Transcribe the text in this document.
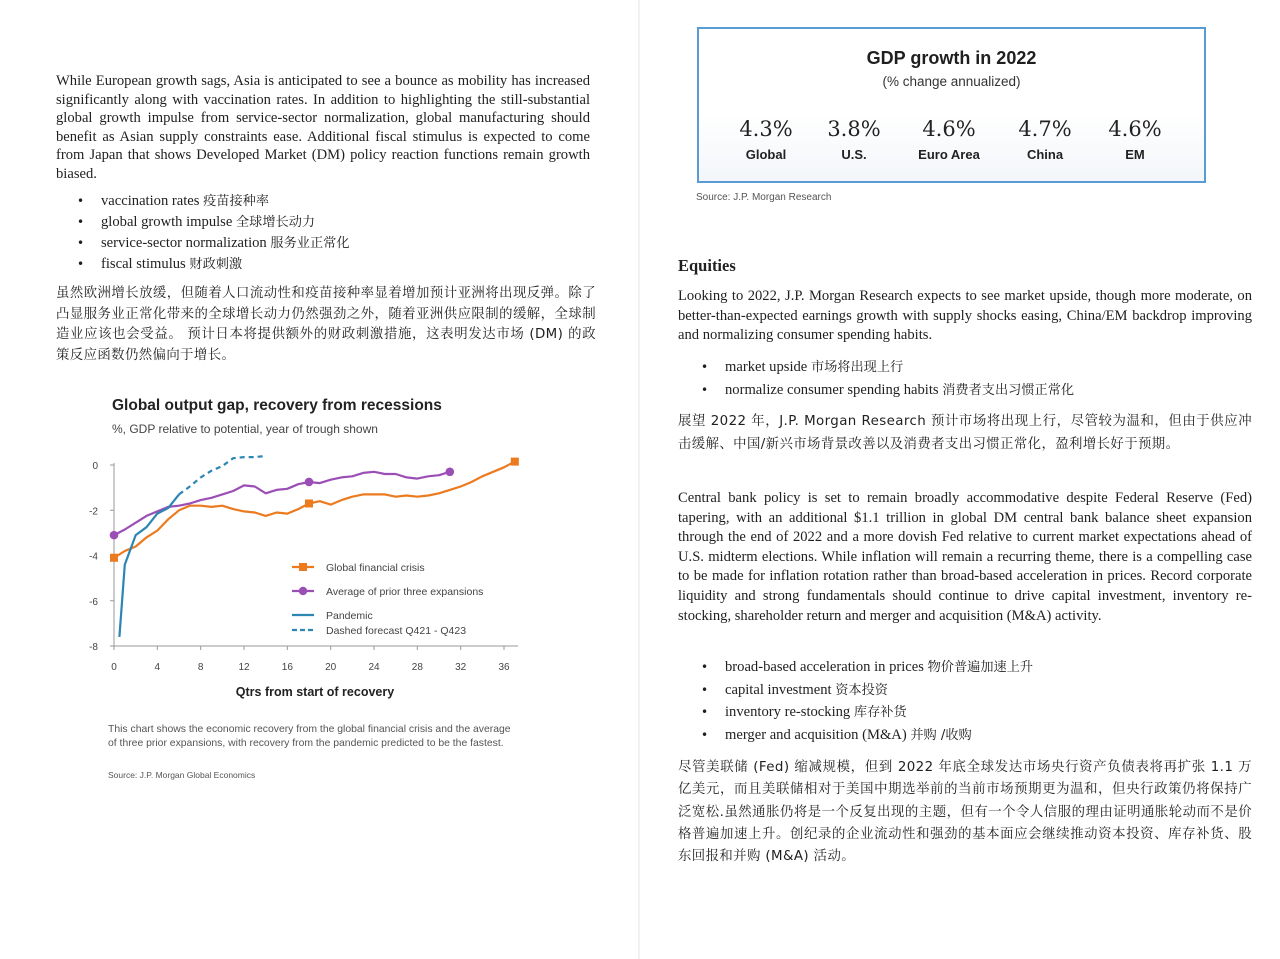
While European growth sags, Asia is anticipated to see a bounce as mobility has increased significantly along with vaccination rates. In addition to highlighting the still-substantial global growth impulse from service-sector normalization, global manufacturing should benefit as Asian supply constraints ease. Additional fiscal stimulus is expected to come from Japan that shows Developed Market (DM) policy reaction functions remain growth biased.

• vaccination rates 疫苗接种率
• global growth impulse 全球增长动力
• service-sector normalization 服务业正常化
• fiscal stimulus 财政刺激

虽然欧洲增长放缓，但随着人口流动性和疫苗接种率显着增加预计亚洲将出现反弹。除了凸显服务业正常化带来的全球增长动力仍然强劲之外，随着亚洲供应限制的缓解，全球制造业应该也会受益。 预计日本将提供额外的财政刺激措施，这表明发达市场 (DM) 的政策反应函数仍然偏向于增长。

Global output gap, recovery from recessions
%, GDP relative to potential, year of trough shown
0
-2
-4
-6
-8
0	4	8	12	16	20	24	28	32	36
Qtrs from start of recovery
Global financial crisis
Average of prior three expansions
Pandemic
Dashed forecast Q421 - Q423
This chart shows the economic recovery from the global financial crisis and the average
of three prior expansions, with recovery from the pandemic predicted to be the fastest.
Source: J.P. Morgan Global Economics
GDP growth in 2022
(% change annualized)
4.3%
Global
3.8%
U.S.
4.6%
Euro Area
4.7%
China
4.6%
EM
Source: J.P. Morgan Research
Equities

Looking to 2022, J.P. Morgan Research expects to see market upside, though more moderate, on better-than-expected earnings growth with supply shocks easing, China/EM backdrop improving and normalizing consumer spending habits.

• market upside 市场将出现上行
• normalize consumer spending habits 消费者支出习惯正常化

展望 2022 年，J.P. Morgan Research 预计市场将出现上行，尽管较为温和，但由于供应冲击缓解、中国/新兴市场背景改善以及消费者支出习惯正常化，盈利增长好于预期。

Central bank policy is set to remain broadly accommodative despite Federal Reserve (Fed) tapering, with an additional $1.1 trillion in global DM central bank balance sheet expansion through the end of 2022 and a more dovish Fed relative to current market expectations ahead of U.S. midterm elections. While inflation will remain a recurring theme, there is a compelling case to be made for inflation rotation rather than broad-based acceleration in prices. Record corporate liquidity and strong fundamentals should continue to drive capital investment, inventory re-stocking, shareholder return and merger and acquisition (M&A) activity.

• broad-based acceleration in prices 物价普遍加速上升
• capital investment 资本投资
• inventory re-stocking 库存补货
• merger and acquisition (M&A) 并购 /收购

尽管美联储 (Fed) 缩减规模，但到 2022 年底全球发达市场央行资产负债表将再扩张 1.1 万亿美元，而且美联储相对于美国中期选举前的当前市场预期更为温和，但央行政策仍将保持广泛宽松.虽然通胀仍将是一个反复出现的主题，但有一个令人信服的理由证明通胀轮动而不是价格普遍加速上升。创纪录的企业流动性和强劲的基本面应会继续推动资本投资、库存补货、股东回报和并购 (M&A) 活动。
